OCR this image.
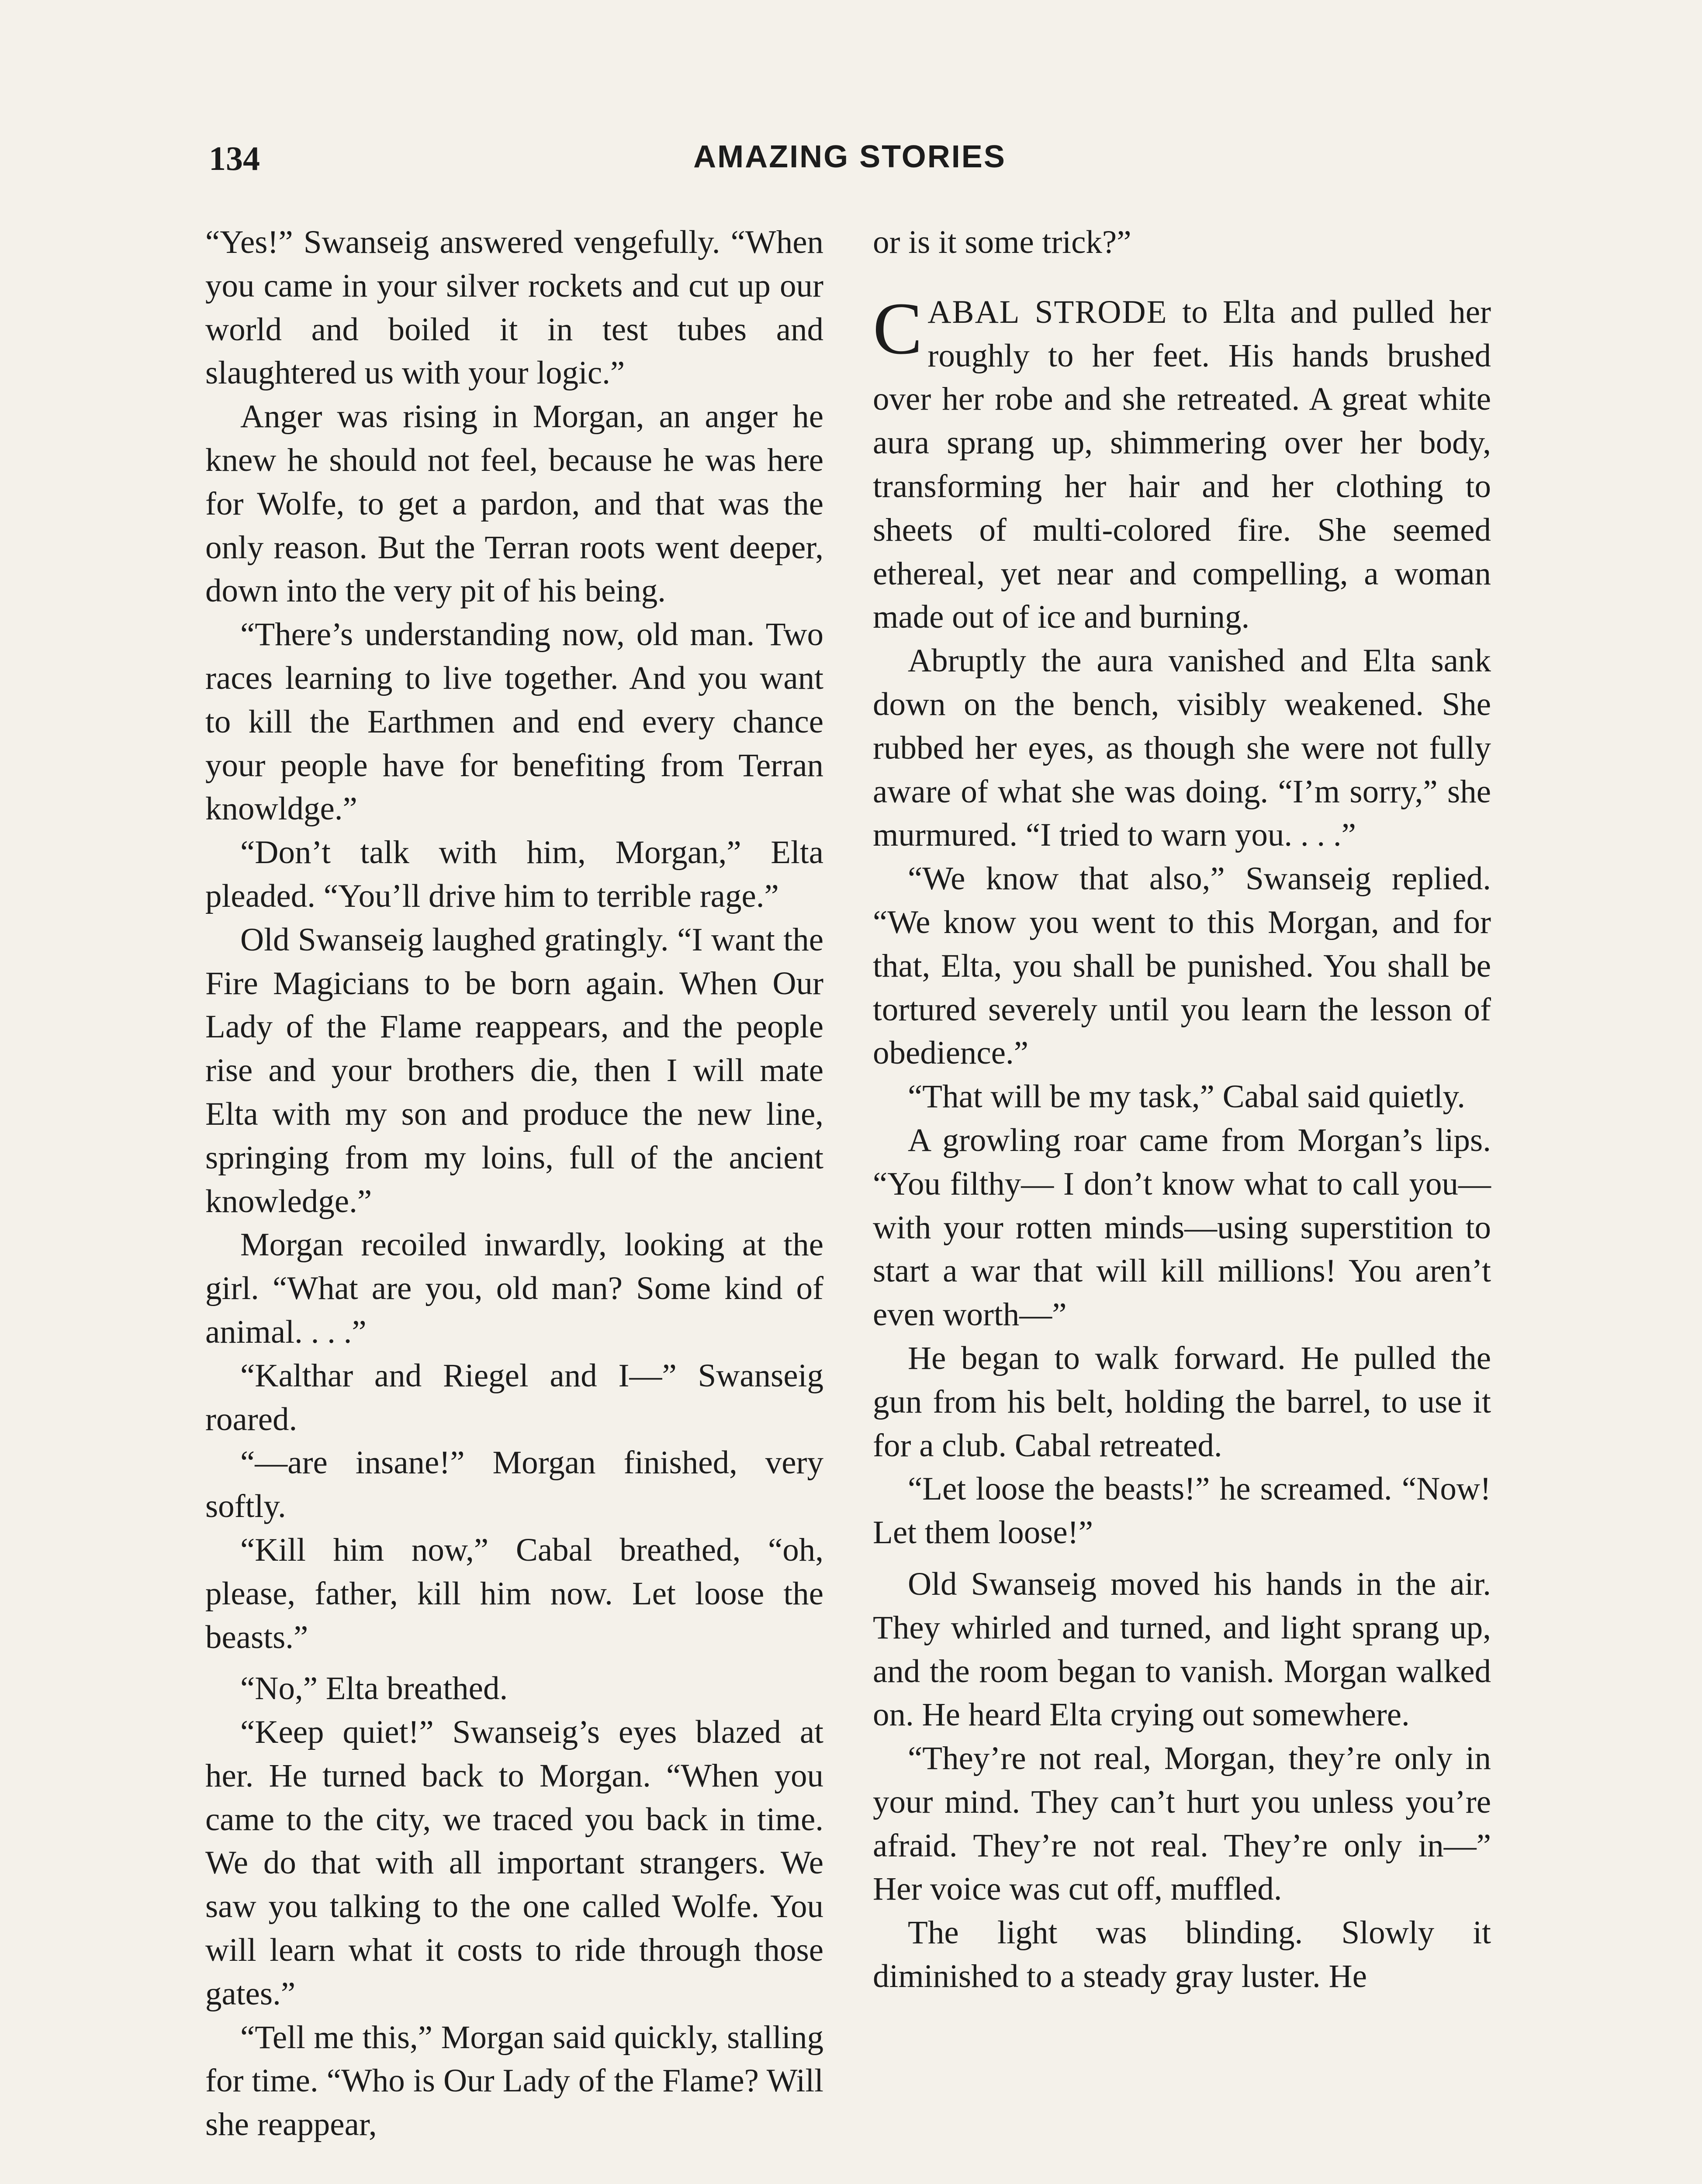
134	AMAZING STORIES

“Yes!” Swanseig answered vengefully. “When you came in your silver rockets and cut up our world and boiled it in test tubes and slaughtered us with your logic.”

Anger was rising in Morgan, an anger he knew he should not feel, because he was here for Wolfe, to get a pardon, and that was the only reason. But the Terran roots went deeper, down into the very pit of his being.

“There’s understanding now, old man. Two races learning to live together. And you want to kill the Earthmen and end every chance your people have for benefiting from Terran knowldge.”

“Don’t talk with him, Morgan,” Elta pleaded. “You’ll drive him to terrible rage.”

Old Swanseig laughed gratingly. “I want the Fire Magicians to be born again. When Our Lady of the Flame reappears, and the people rise and your brothers die, then I will mate Elta with my son and produce the new line, springing from my loins, full of the ancient knowledge.”

Morgan recoiled inwardly, looking at the girl. “What are you, old man? Some kind of animal. . . .”

“Kalthar and Riegel and I—” Swanseig roared.

“—are insane!” Morgan finished, very softly.

“Kill him now,” Cabal breathed, “oh, please, father, kill him now. Let loose the beasts.”

“No,” Elta breathed.

“Keep quiet!” Swanseig’s eyes blazed at her. He turned back to Morgan. “When you came to the city, we traced you back in time. We do that with all important strangers. We saw you talking to the one called Wolfe. You will learn what it costs to ride through those gates.”

“Tell me this,” Morgan said quickly, stalling for time. “Who is Our Lady of the Flame? Will she reappear,

or is it some trick?”

CABAL STRODE to Elta and pulled her roughly to her feet. His hands brushed over her robe and she retreated. A great white aura sprang up, shimmering over her body, transforming her hair and her clothing to sheets of multi-colored fire. She seemed ethereal, yet near and compelling, a woman made out of ice and burning.

Abruptly the aura vanished and Elta sank down on the bench, visibly weakened. She rubbed her eyes, as though she were not fully aware of what she was doing. “I’m sorry,” she murmured. “I tried to warn you. . . .”

“We know that also,” Swanseig replied. “We know you went to this Morgan, and for that, Elta, you shall be punished. You shall be tortured severely until you learn the lesson of obedience.”

“That will be my task,” Cabal said quietly.

A growling roar came from Morgan’s lips. “You filthy— I don’t know what to call you—with your rotten minds—using superstition to start a war that will kill millions! You aren’t even worth—”

He began to walk forward. He pulled the gun from his belt, holding the barrel, to use it for a club. Cabal retreated.

“Let loose the beasts!” he screamed. “Now! Let them loose!”

Old Swanseig moved his hands in the air. They whirled and turned, and light sprang up, and the room began to vanish. Morgan walked on. He heard Elta crying out somewhere.

“They’re not real, Morgan, they’re only in your mind. They can’t hurt you unless you’re afraid. They’re not real. They’re only in—” Her voice was cut off, muffled.

The light was blinding. Slowly it diminished to a steady gray luster. He
